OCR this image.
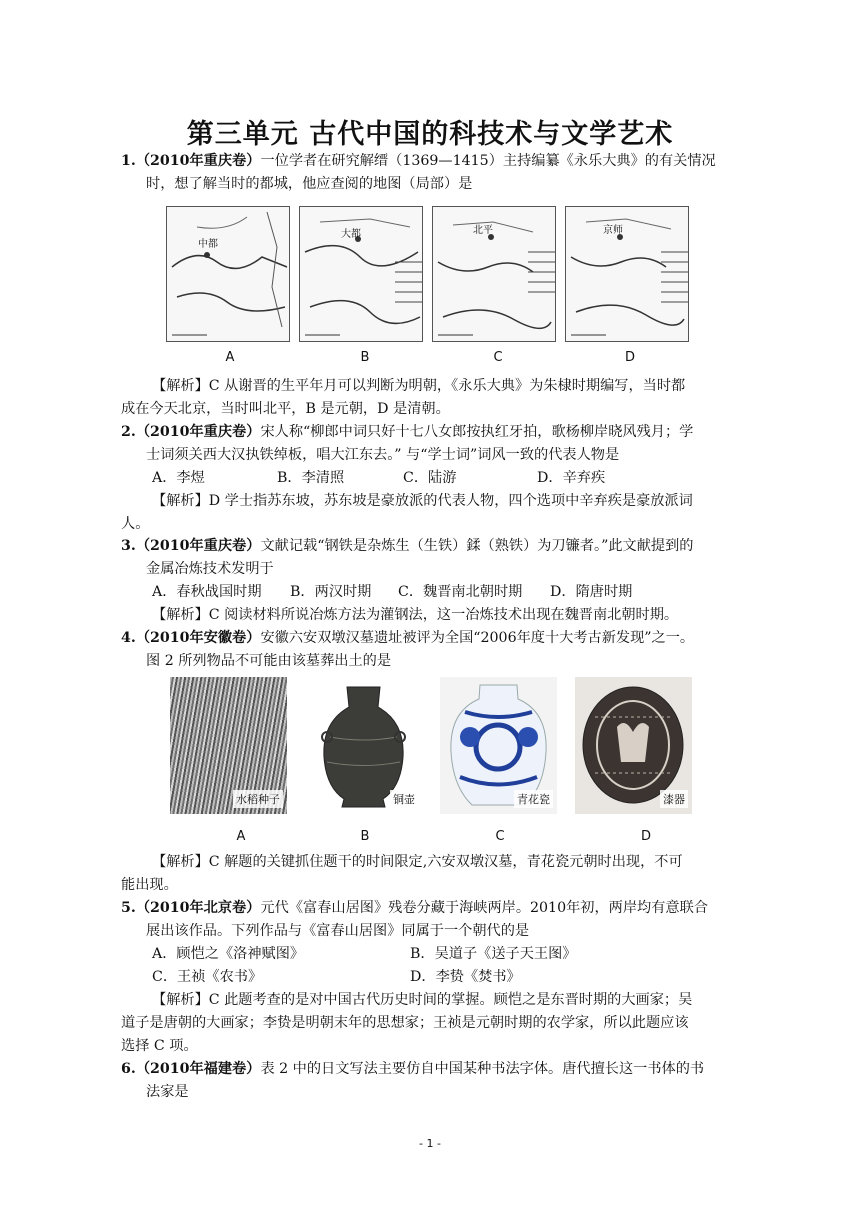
第三单元 古代中国的科技术与文学艺术
1.（2010年重庆卷）一位学者在研究解缙（1369—1415）主持编纂《永乐大典》的有关情况
时，想了解当时的都城，他应查阅的地图（局部）是
中都
大都	北平	京师
A	B	C	D
【解析】C 从谢晋的生平年月可以判断为明朝，《永乐大典》为朱棣时期编写，当时都
成在今天北京，当时叫北平，B 是元朝，D 是清朝。
2.（2010年重庆卷）宋人称“柳郎中词只好十七八女郎按执红牙拍，歌杨柳岸晓风残月；学
士词须关西大汉执铁绰板，唱大江东去。” 与“学士词”词风一致的代表人物是
A．李煜	B．李清照	C．陆游	D．辛弃疾
【解析】D 学士指苏东坡，苏东坡是豪放派的代表人物，四个选项中辛弃疾是豪放派词
人。
3.（2010年重庆卷）文献记载“钢铁是杂炼生（生铁）鍒（熟铁）为刀镰者。”此文献提到的
金属冶炼技术发明于
A．春秋战国时期 B．两汉时期 C．魏晋南北朝时期 D．隋唐时期
【解析】C 阅读材料所说冶炼方法为灌钢法，这一冶炼技术出现在魏晋南北朝时期。
4.（2010年安徽卷）安徽六安双墩汉墓遗址被评为全国“2006年度十大考古新发现”之一。
图 2 所列物品不可能由该墓葬出土的是
水稻种子	铜壶	青花瓷	漆器
A	B	C	D
【解析】C 解题的关键抓住题干的时间限定,六安双墩汉墓，青花瓷元朝时出现，不可
能出现。
5.（2010年北京卷）元代《富春山居图》残卷分藏于海峡两岸。2010年初，两岸均有意联合
展出该作品。下列作品与《富春山居图》同属于一个朝代的是
A．顾恺之《洛神赋图》	B．吴道子《送子天王图》
C．王祯《农书》	D．李贽《焚书》
【解析】C 此题考查的是对中国古代历史时间的掌握。顾恺之是东晋时期的大画家；吴
道子是唐朝的大画家；李贽是明朝末年的思想家；王祯是元朝时期的农学家，所以此题应该
选择 C 项。
6.（2010年福建卷）表 2 中的日文写法主要仿自中国某种书法字体。唐代擅长这一书体的书
法家是
- 1 -
